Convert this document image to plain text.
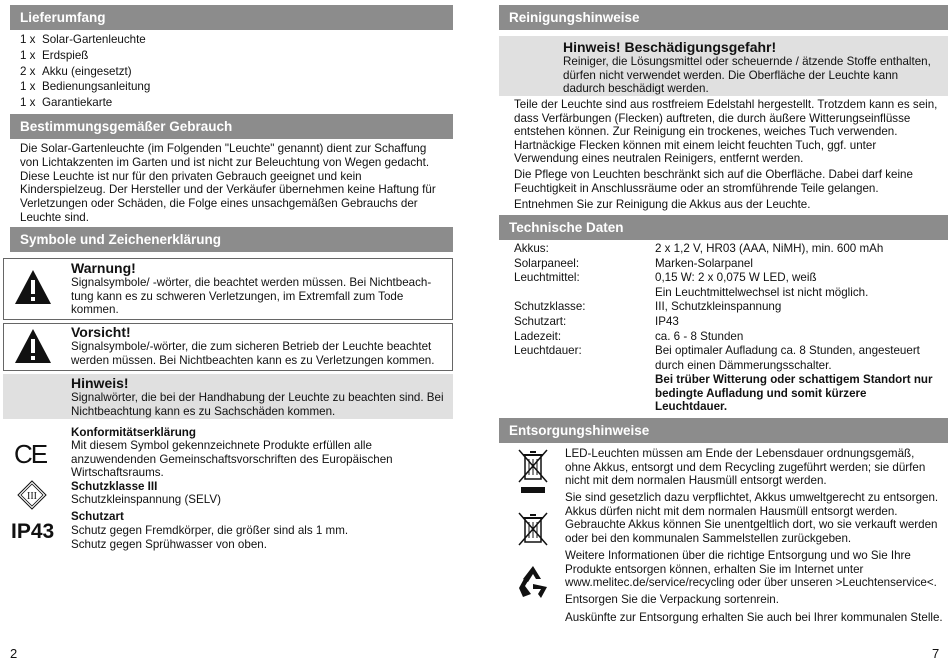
Lieferumfang
1 x Solar-Gartenleuchte
1 x Erdspieß
2 x Akku (eingesetzt)
1 x Bedienungsanleitung
1 x Garantiekarte
Bestimmungsgemäßer Gebrauch
Die Solar-Gartenleuchte (im Folgenden "Leuchte" genannt) dient zur Schaffung
von Lichtakzenten im Garten und ist nicht zur Beleuchtung von Wegen gedacht.
Diese Leuchte ist nur für den privaten Gebrauch geeignet und kein
Kinderspielzeug. Der Hersteller und der Verkäufer übernehmen keine Haftung für
Verletzungen oder Schäden, die Folge eines unsachgemäßen Gebrauchs der
Leuchte sind.
Symbole und Zeichenerklärung
Warnung!
Signalsymbole/ -wörter, die beachtet werden müssen. Bei Nichtbeach-
tung kann es zu schweren Verletzungen, im Extremfall zum Tode
kommen.
Vorsicht!
Signalsymbole/-wörter, die zum sicheren Betrieb der Leuchte beachtet
werden müssen. Bei Nichtbeachten kann es zu Verletzungen kommen.
Hinweis!
Signalwörter, die bei der Handhabung der Leuchte zu beachten sind. Bei
Nichtbeachtung kann es zu Sachschäden kommen.
CE
Konformitätserklärung
Mit diesem Symbol gekennzeichnete Produkte erfüllen alle
anzuwendenden Gemeinschaftsvorschriften des Europäischen
Wirtschaftsraums.
III
Schutzklasse III
Schutzkleinspannung (SELV)
IP43
Schutzart
Schutz gegen Fremdkörper, die größer sind als 1 mm.
Schutz gegen Sprühwasser von oben.
2
Reinigungshinweise
Hinweis! Beschädigungsgefahr!
Reiniger, die Lösungsmittel oder scheuernde / ätzende Stoffe enthalten,
dürfen nicht verwendet werden. Die Oberfläche der Leuchte kann
dadurch beschädigt werden.
Teile der Leuchte sind aus rostfreiem Edelstahl hergestellt. Trotzdem kann es sein,
dass Verfärbungen (Flecken) auftreten, die durch äußere Witterungseinflüsse
entstehen können. Zur Reinigung ein trockenes, weiches Tuch verwenden.
Hartnäckige Flecken können mit einem leicht feuchten Tuch, ggf. unter
Verwendung eines neutralen Reinigers, entfernt werden.
Die Pflege von Leuchten beschränkt sich auf die Oberfläche. Dabei darf keine
Feuchtigkeit in Anschlussräume oder an stromführende Teile gelangen.
Entnehmen Sie zur Reinigung die Akkus aus der Leuchte.
Technische Daten
Akkus:	2 x 1,2 V, HR03 (AAA, NiMH), min. 600 mAh
Solarpaneel:	Marken-Solarpanel
Leuchtmittel:	0,15 W: 2 x 0,075 W LED, weiß
Ein Leuchtmittelwechsel ist nicht möglich.
Schutzklasse:	III, Schutzkleinspannung
Schutzart:	IP43
Ladezeit:	ca. 6 - 8 Stunden
Leuchtdauer:	Bei optimaler Aufladung ca. 8 Stunden, angesteuert
durch einen Dämmerungsschalter.
Bei trüber Witterung oder schattigem Standort nur
bedingte Aufladung und somit kürzere
Leuchtdauer.
Entsorgungshinweise
LED-Leuchten müssen am Ende der Lebensdauer ordnungsgemäß,
ohne Akkus, entsorgt und dem Recycling zugeführt werden; sie dürfen
nicht mit dem normalen Hausmüll entsorgt werden.
Sie sind gesetzlich dazu verpflichtet, Akkus umweltgerecht zu entsorgen.
Akkus dürfen nicht mit dem normalen Hausmüll entsorgt werden.
Gebrauchte Akkus können Sie unentgeltlich dort, wo sie verkauft werden
oder bei den kommunalen Sammelstellen zurückgeben.
Weitere Informationen über die richtige Entsorgung und wo Sie Ihre
Produkte entsorgen können, erhalten Sie im Internet unter
www.melitec.de/service/recycling oder über unseren >Leuchtenservice<.
Entsorgen Sie die Verpackung sortenrein.
Auskünfte zur Entsorgung erhalten Sie auch bei Ihrer kommunalen Stelle.
7
